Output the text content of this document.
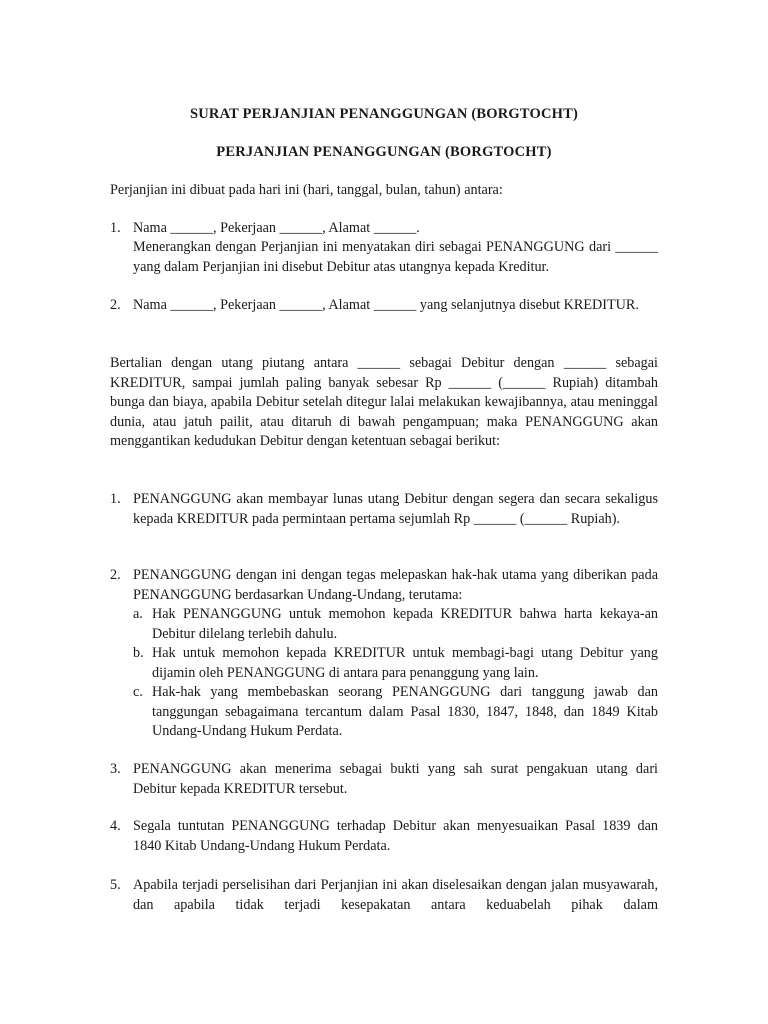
SURAT PERJANJIAN PENANGGUNGAN (BORGTOCHT)
PERJANJIAN PENANGGUNGAN (BORGTOCHT)
Perjanjian ini dibuat pada hari ini (hari, tanggal, bulan, tahun) antara:
1. Nama ______, Pekerjaan ______, Alamat ______.
Menerangkan dengan Perjanjian ini menyatakan diri sebagai PENANGGUNG dari ______ yang dalam Perjanjian ini disebut Debitur atas utangnya kepada Kreditur.
2. Nama ______, Pekerjaan ______, Alamat ______ yang selanjutnya disebut KREDITUR.
Bertalian dengan utang piutang antara ______ sebagai Debitur dengan ______ sebagai KREDITUR, sampai jumlah paling banyak sebesar Rp ______ (______ Rupiah) ditambah bunga dan biaya, apabila Debitur setelah ditegur lalai melakukan kewajibannya, atau meninggal dunia, atau jatuh pailit, atau ditaruh di bawah pengampuan; maka PENANGGUNG akan menggantikan kedudukan Debitur dengan ketentuan sebagai berikut:
1. PENANGGUNG akan membayar lunas utang Debitur dengan segera dan secara sekaligus kepada KREDITUR pada permintaan pertama sejumlah Rp ______ (______ Rupiah).
2. PENANGGUNG dengan ini dengan tegas melepaskan hak-hak utama yang diberikan pada PENANGGUNG berdasarkan Undang-Undang, terutama:
a. Hak PENANGGUNG untuk memohon kepada KREDITUR bahwa harta kekaya-an Debitur dilelang terlebih dahulu.
b. Hak untuk memohon kepada KREDITUR untuk membagi-bagi utang Debitur yang dijamin oleh PENANGGUNG di antara para penanggung yang lain.
c. Hak-hak yang membebaskan seorang PENANGGUNG dari tanggung jawab dan tanggungan sebagaimana tercantum dalam Pasal 1830, 1847, 1848, dan 1849 Kitab Undang-Undang Hukum Perdata.
3. PENANGGUNG akan menerima sebagai bukti yang sah surat pengakuan utang dari Debitur kepada KREDITUR tersebut.
4. Segala tuntutan PENANGGUNG terhadap Debitur akan menyesuaikan Pasal 1839 dan 1840 Kitab Undang-Undang Hukum Perdata.
5. Apabila terjadi perselisihan dari Perjanjian ini akan diselesaikan dengan jalan musyawarah, dan apabila tidak terjadi kesepakatan antara keduabelah pihak dalam
